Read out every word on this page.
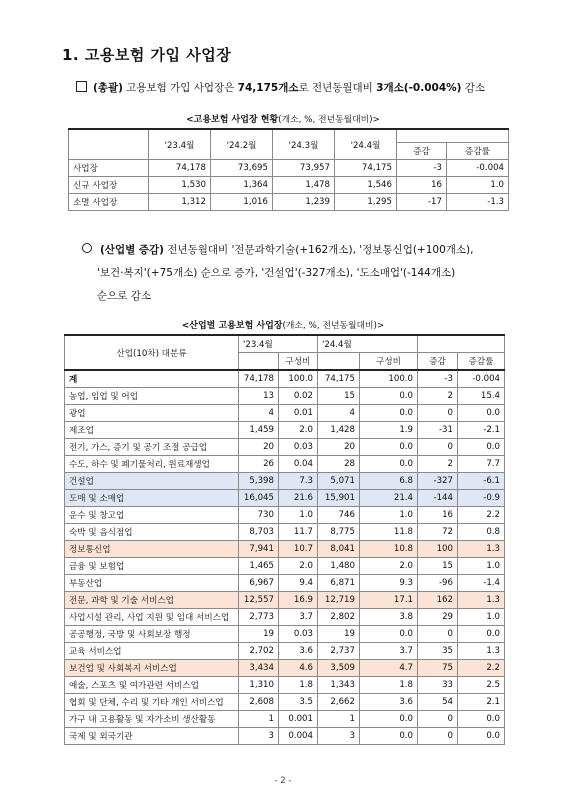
1. 고용보험 가입 사업장
(총괄) 고용보험 가입 사업장은 74,175개소로 전년동월대비 3개소(-0.004%) 감소
<고용보험 사업장 현황(개소, %, 전년동월대비)>
	'23.4월	'24.2월	'24.3월	'24.4월		
					증감	증감률
사업장	74,178	73,695	73,957	74,175	-3	-0.004
신규 사업장	1,530	1,364	1,478	1,546	16	1.0
소멸 사업장	1,312	1,016	1,239	1,295	-17	-1.3
(산업별 증감) 전년동월대비 '전문과학기술(+162개소), '정보통신업(+100개소),
'보건·복지'(+75개소) 순으로 증가, '건설업'(-327개소), '도소매업'(-144개소)
순으로 감소
<산업별 고용보험 사업장(개소, %, 전년동월대비)>
산업(10차) 대분류	'23.4월		'24.4월			
		구성비		구성비	증감	증감률
계	74,178	100.0	74,175	100.0	-3	-0.004
농업, 임업 및 어업	13	0.02	15	0.0	2	15.4
광업	4	0.01	4	0.0	0	0.0
제조업	1,459	2.0	1,428	1.9	-31	-2.1
전기, 가스, 증기 및 공기 조절 공급업	20	0.03	20	0.0	0	0.0
수도, 하수 및 폐기물처리, 원료재생업	26	0.04	28	0.0	2	7.7
건설업	5,398	7.3	5,071	6.8	-327	-6.1
도매 및 소매업	16,045	21.6	15,901	21.4	-144	-0.9
운수 및 창고업	730	1.0	746	1.0	16	2.2
숙박 및 음식점업	8,703	11.7	8,775	11.8	72	0.8
정보통신업	7,941	10.7	8,041	10.8	100	1.3
금융 및 보험업	1,465	2.0	1,480	2.0	15	1.0
부동산업	6,967	9.4	6,871	9.3	-96	-1.4
전문, 과학 및 기술 서비스업	12,557	16.9	12,719	17.1	162	1.3
사업시설 관리, 사업 지원 및 임대 서비스업	2,773	3.7	2,802	3.8	29	1.0
공공행정, 국방 및 사회보장 행정	19	0.03	19	0.0	0	0.0
교육 서비스업	2,702	3.6	2,737	3.7	35	1.3
보건업 및 사회복지 서비스업	3,434	4.6	3,509	4.7	75	2.2
예술, 스포츠 및 여가관련 서비스업	1,310	1.8	1,343	1.8	33	2.5
협회 및 단체, 수리 및 기타 개인 서비스업	2,608	3.5	2,662	3.6	54	2.1
가구 내 고용활동 및 자가소비 생산활동	1	0.001	1	0.0	0	0.0
국제 및 외국기관	3	0.004	3	0.0	0	0.0
- 2 -
